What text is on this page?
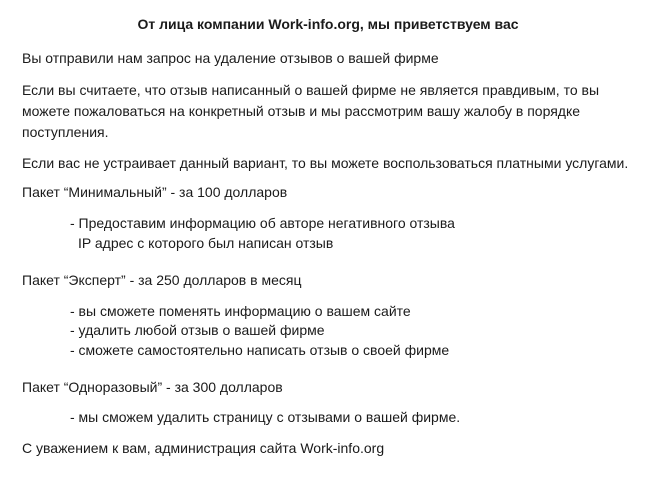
От лица компании Work-info.org, мы приветствуем вас
Вы отправили нам запрос на удаление отзывов о вашей фирме
Если вы считаете, что отзыв написанный о вашей фирме не является правдивым, то вы
можете пожаловаться на конкретный отзыв и мы рассмотрим вашу жалобу в порядке
поступления.
Если вас не устраивает данный вариант, то вы можете воспользоваться платными услугами.
Пакет “Минимальный” - за 100 долларов
- Предоставим информацию об авторе негативного отзыва
IP адрес с которого был написан отзыв
Пакет “Эксперт” - за 250 долларов в месяц
- вы сможете поменять информацию о вашем сайте
- удалить любой отзыв о вашей фирме
- сможете самостоятельно написать отзыв о своей фирме
Пакет “Одноразовый” - за 300 долларов
- мы сможем удалить страницу с отзывами о вашей фирме.
С уважением к вам, администрация сайта Work-info.org
